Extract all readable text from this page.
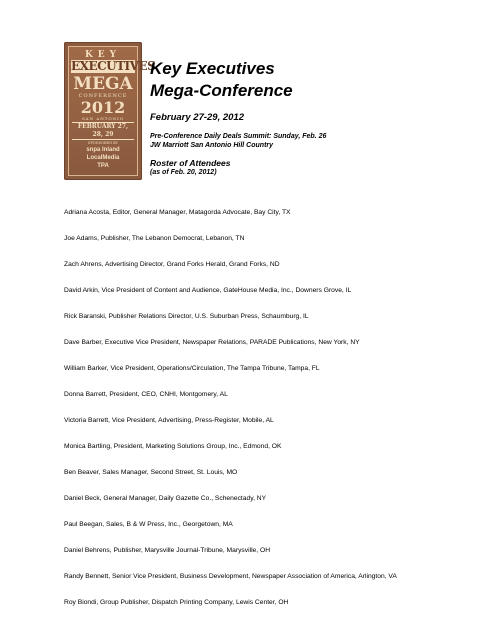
KEY
EXECUTIVES
MEGA
CONFERENCE
2012
SAN ANTONIO
FEBRUARY 27, 28, 29
SPONSORED BY
snpa Inland
LocalMedia
TPA
Key Executives
Mega-Conference
February 27-29, 2012
Pre-Conference Daily Deals Summit: Sunday, Feb. 26
JW Marriott San Antonio Hill Country
Roster of Attendees
(as of Feb. 20, 2012)
Adriana Acosta, Editor, General Manager, Matagorda Advocate, Bay City, TX
Joe Adams, Publisher, The Lebanon Democrat, Lebanon, TN
Zach Ahrens, Advertising Director, Grand Forks Herald, Grand Forks, ND
David Arkin, Vice President of Content and Audience, GateHouse Media, Inc., Downers Grove, IL
Rick Baranski, Publisher Relations Director, U.S. Suburban Press, Schaumburg, IL
Dave Barber, Executive Vice President, Newspaper Relations, PARADE Publications, New York, NY
William Barker, Vice President, Operations/Circulation, The Tampa Tribune, Tampa, FL
Donna Barrett, President, CEO, CNHI, Montgomery, AL
Victoria Barrett, Vice President, Advertising, Press-Register, Mobile, AL
Monica Bartling, President, Marketing Solutions Group, Inc., Edmond, OK
Ben Beaver, Sales Manager, Second Street, St. Louis, MO
Daniel Beck, General Manager, Daily Gazette Co., Schenectady, NY
Paul Beegan, Sales, B & W Press, Inc., Georgetown, MA
Daniel Behrens, Publisher, Marysville Journal-Tribune, Marysville, OH
Randy Bennett, Senior Vice President, Business Development, Newspaper Association of America, Arlington, VA
Roy Biondi, Group Publisher, Dispatch Printing Company, Lewis Center, OH
